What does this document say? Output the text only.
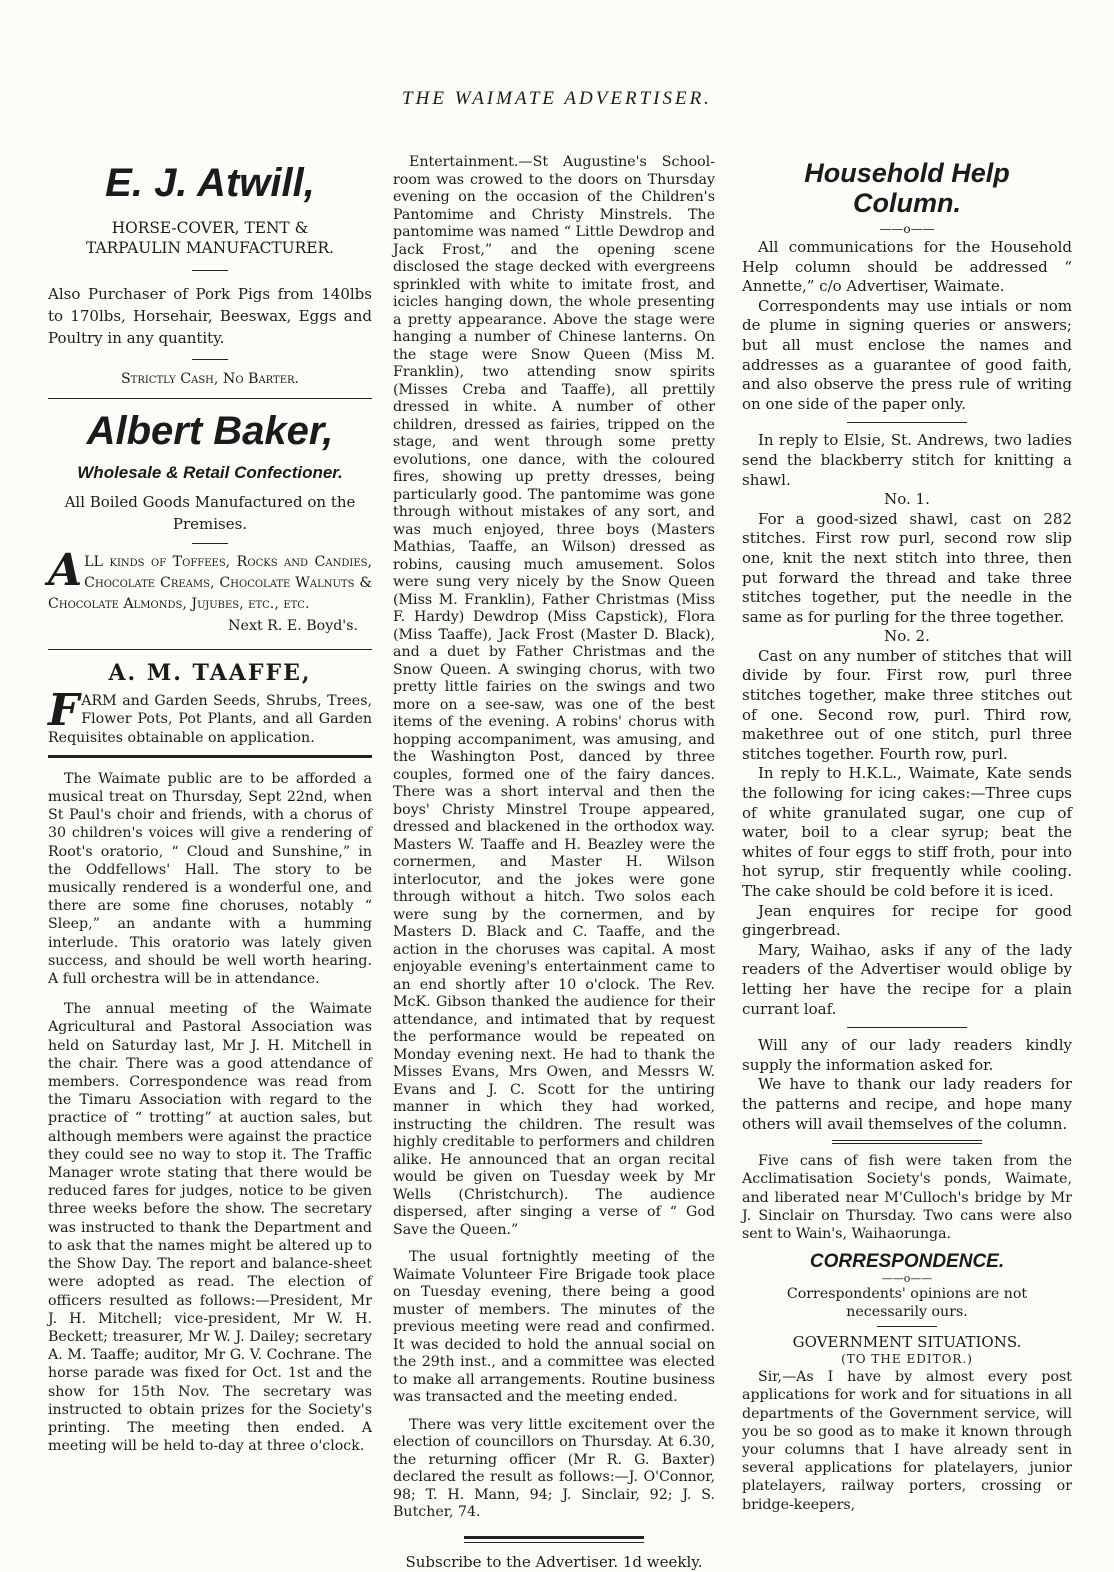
THE WAIMATE ADVERTISER.

E. J. Atwill,

HORSE-COVER, TENT & TARPAULIN MANUFACTURER.

Also Purchaser of Pork Pigs from 140lbs to 170lbs, Horsehair, Beeswax, Eggs and Poultry in any quantity.

Strictly Cash, No Barter.

Albert Baker,

Wholesale & Retail Confectioner.

All Boiled Goods Manufactured on the Premises.

ALL kinds of Toffees, Rocks and Candies, Chocolate Creams, Chocolate Walnuts & Chocolate Almonds, Jujubes, etc., etc.

Next R. E. Boyd's.

A. M. TAAFFE,

FARM and Garden Seeds, Shrubs, Trees, Flower Pots, Pot Plants, and all Garden Requisites obtainable on application.

The Waimate public are to be afforded a musical treat on Thursday, Sept 22nd, when St Paul's choir and friends, with a chorus of 30 children's voices will give a rendering of Root's oratorio, “ Cloud and Sunshine,” in the Oddfellows' Hall. The story to be musically rendered is a wonderful one, and there are some fine choruses, notably “ Sleep,” an andante with a humming interlude. This oratorio was lately given success, and should be well worth hearing. A full orchestra will be in attendance.

The annual meeting of the Waimate Agricultural and Pastoral Association was held on Saturday last, Mr J. H. Mitchell in the chair. There was a good attendance of members. Correspondence was read from the Timaru Association with regard to the practice of “ trotting” at auction sales, but although members were against the practice they could see no way to stop it. The Traffic Manager wrote stating that there would be reduced fares for judges, notice to be given three weeks before the show. The secretary was instructed to thank the Department and to ask that the names might be altered up to the Show Day. The report and balance-sheet were adopted as read. The election of officers resulted as follows:—President, Mr J. H. Mitchell; vice-president, Mr W. H. Beckett; treasurer, Mr W. J. Dailey; secretary A. M. Taaffe; auditor, Mr G. V. Cochrane. The horse parade was fixed for Oct. 1st and the show for 15th Nov. The secretary was instructed to obtain prizes for the Society's printing. The meeting then ended. A meeting will be held to-day at three o'clock.

Entertainment.—St Augustine's School-room was crowed to the doors on Thursday evening on the occasion of the Children's Pantomime and Christy Minstrels. The pantomime was named “ Little Dewdrop and Jack Frost,” and the opening scene disclosed the stage decked with evergreens sprinkled with white to imitate frost, and icicles hanging down, the whole presenting a pretty appearance. Above the stage were hanging a number of Chinese lanterns. On the stage were Snow Queen (Miss M. Franklin), two attending snow spirits (Misses Creba and Taaffe), all prettily dressed in white. A number of other children, dressed as fairies, tripped on the stage, and went through some pretty evolutions, one dance, with the coloured fires, showing up pretty dresses, being particularly good. The pantomime was gone through without mistakes of any sort, and was much enjoyed, three boys (Masters Mathias, Taaffe, an Wilson) dressed as robins, causing much amusement. Solos were sung very nicely by the Snow Queen (Miss M. Franklin), Father Christmas (Miss F. Hardy) Dewdrop (Miss Capstick), Flora (Miss Taaffe), Jack Frost (Master D. Black), and a duet by Father Christmas and the Snow Queen. A swinging chorus, with two pretty little fairies on the swings and two more on a see-saw, was one of the best items of the evening. A robins' chorus with hopping accompaniment, was amusing, and the Washington Post, danced by three couples, formed one of the fairy dances. There was a short interval and then the boys' Christy Minstrel Troupe appeared, dressed and blackened in the orthodox way. Masters W. Taaffe and H. Beazley were the cornermen, and Master H. Wilson interlocutor, and the jokes were gone through without a hitch. Two solos each were sung by the cornermen, and by Masters D. Black and C. Taaffe, and the action in the choruses was capital. A most enjoyable evening's entertainment came to an end shortly after 10 o'clock. The Rev. McK. Gibson thanked the audience for their attendance, and intimated that by request the performance would be repeated on Monday evening next. He had to thank the Misses Evans, Mrs Owen, and Messrs W. Evans and J. C. Scott for the untiring manner in which they had worked, instructing the children. The result was highly creditable to performers and children alike. He announced that an organ recital would be given on Tuesday week by Mr Wells (Christchurch). The audience dispersed, after singing a verse of “ God Save the Queen.”

The usual fortnightly meeting of the Waimate Volunteer Fire Brigade took place on Tuesday evening, there being a good muster of members. The minutes of the previous meeting were read and confirmed. It was decided to hold the annual social on the 29th inst., and a committee was elected to make all arrangements. Routine business was transacted and the meeting ended.

There was very little excitement over the election of councillors on Thursday. At 6.30, the returning officer (Mr R. G. Baxter) declared the result as follows:—J. O'Connor, 98; T. H. Mann, 94; J. Sinclair, 92; J. S. Butcher, 74.

Subscribe to the Advertiser. 1d weekly.

Household Help Column.

——o——

All communications for the Household Help column should be addressed “ Annette,” c/o Advertiser, Waimate.

Correspondents may use intials or nom de plume in signing queries or answers; but all must enclose the names and addresses as a guarantee of good faith, and also observe the press rule of writing on one side of the paper only.

In reply to Elsie, St. Andrews, two ladies send the blackberry stitch for knitting a shawl.

No. 1.

For a good-sized shawl, cast on 282 stitches. First row purl, second row slip one, knit the next stitch into three, then put forward the thread and take three stitches together, put the needle in the same as for purling for the three together.

No. 2.

Cast on any number of stitches that will divide by four. First row, purl three stitches together, make three stitches out of one. Second row, purl. Third row, makethree out of one stitch, purl three stitches together. Fourth row, purl.

In reply to H.K.L., Waimate, Kate sends the following for icing cakes:—Three cups of white granulated sugar, one cup of water, boil to a clear syrup; beat the whites of four eggs to stiff froth, pour into hot syrup, stir frequently while cooling. The cake should be cold before it is iced.

Jean enquires for recipe for good gingerbread.

Mary, Waihao, asks if any of the lady readers of the Advertiser would oblige by letting her have the recipe for a plain currant loaf.

Will any of our lady readers kindly supply the information asked for.

We have to thank our lady readers for the patterns and recipe, and hope many others will avail themselves of the column.

Five cans of fish were taken from the Acclimatisation Society's ponds, Waimate, and liberated near M'Culloch's bridge by Mr J. Sinclair on Thursday. Two cans were also sent to Wain's, Waihaorunga.

CORRESPONDENCE.

——o——

Correspondents' opinions are not necessarily ours.

GOVERNMENT SITUATIONS.

(TO THE EDITOR.)

Sir,—As I have by almost every post applications for work and for situations in all departments of the Government service, will you be so good as to make it known through your columns that I have already sent in several applications for platelayers, junior platelayers, railway porters, crossing or bridge-keepers,
